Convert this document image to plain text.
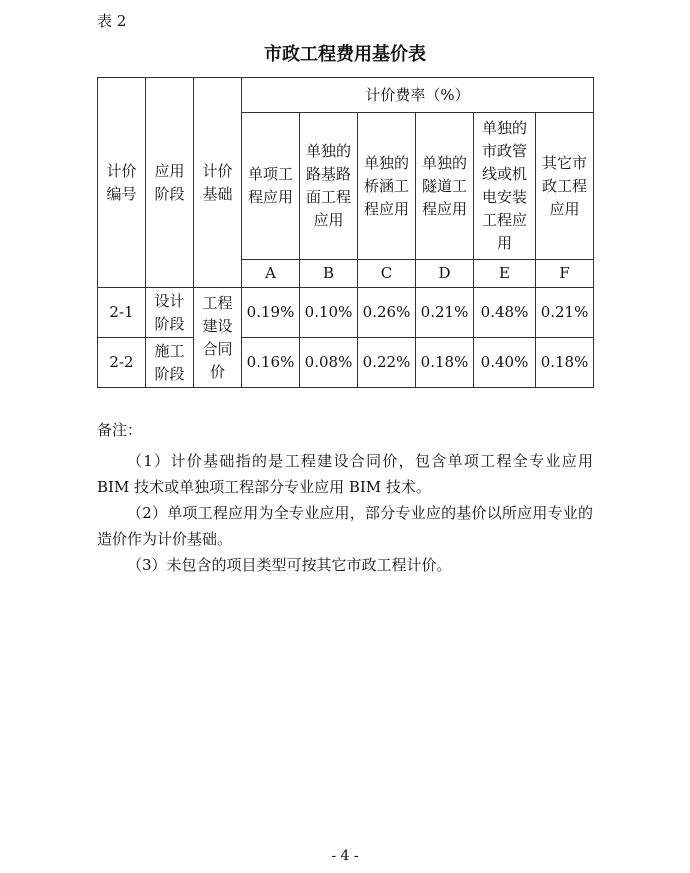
表 2
市政工程费用基价表
计价编号	应用阶段	计价基础	计价费率（%）					

			单项工程应用	单独的路基路面工程应用	单独的桥涵工程应用	单独的隧道工程应用	单独的市政管线或机电安装工程应用	其它市政工程应用

			A	B	C	D	E	F
2-1	设计阶段	工程建设合同价	0.19%	0.10%	0.26%	0.21%	0.48%	0.21%
2-2	施工阶段		0.16%	0.08%	0.22%	0.18%	0.40%	0.18%

备注：

（1）计价基础指的是工程建设合同价，包含单项工程全专业应用 BIM 技术或单独项工程部分专业应用 BIM 技术。

（2）单项工程应用为全专业应用，部分专业应的基价以所应用专业的造价作为计价基础。

（3）未包含的项目类型可按其它市政工程计价。

- 4 -
